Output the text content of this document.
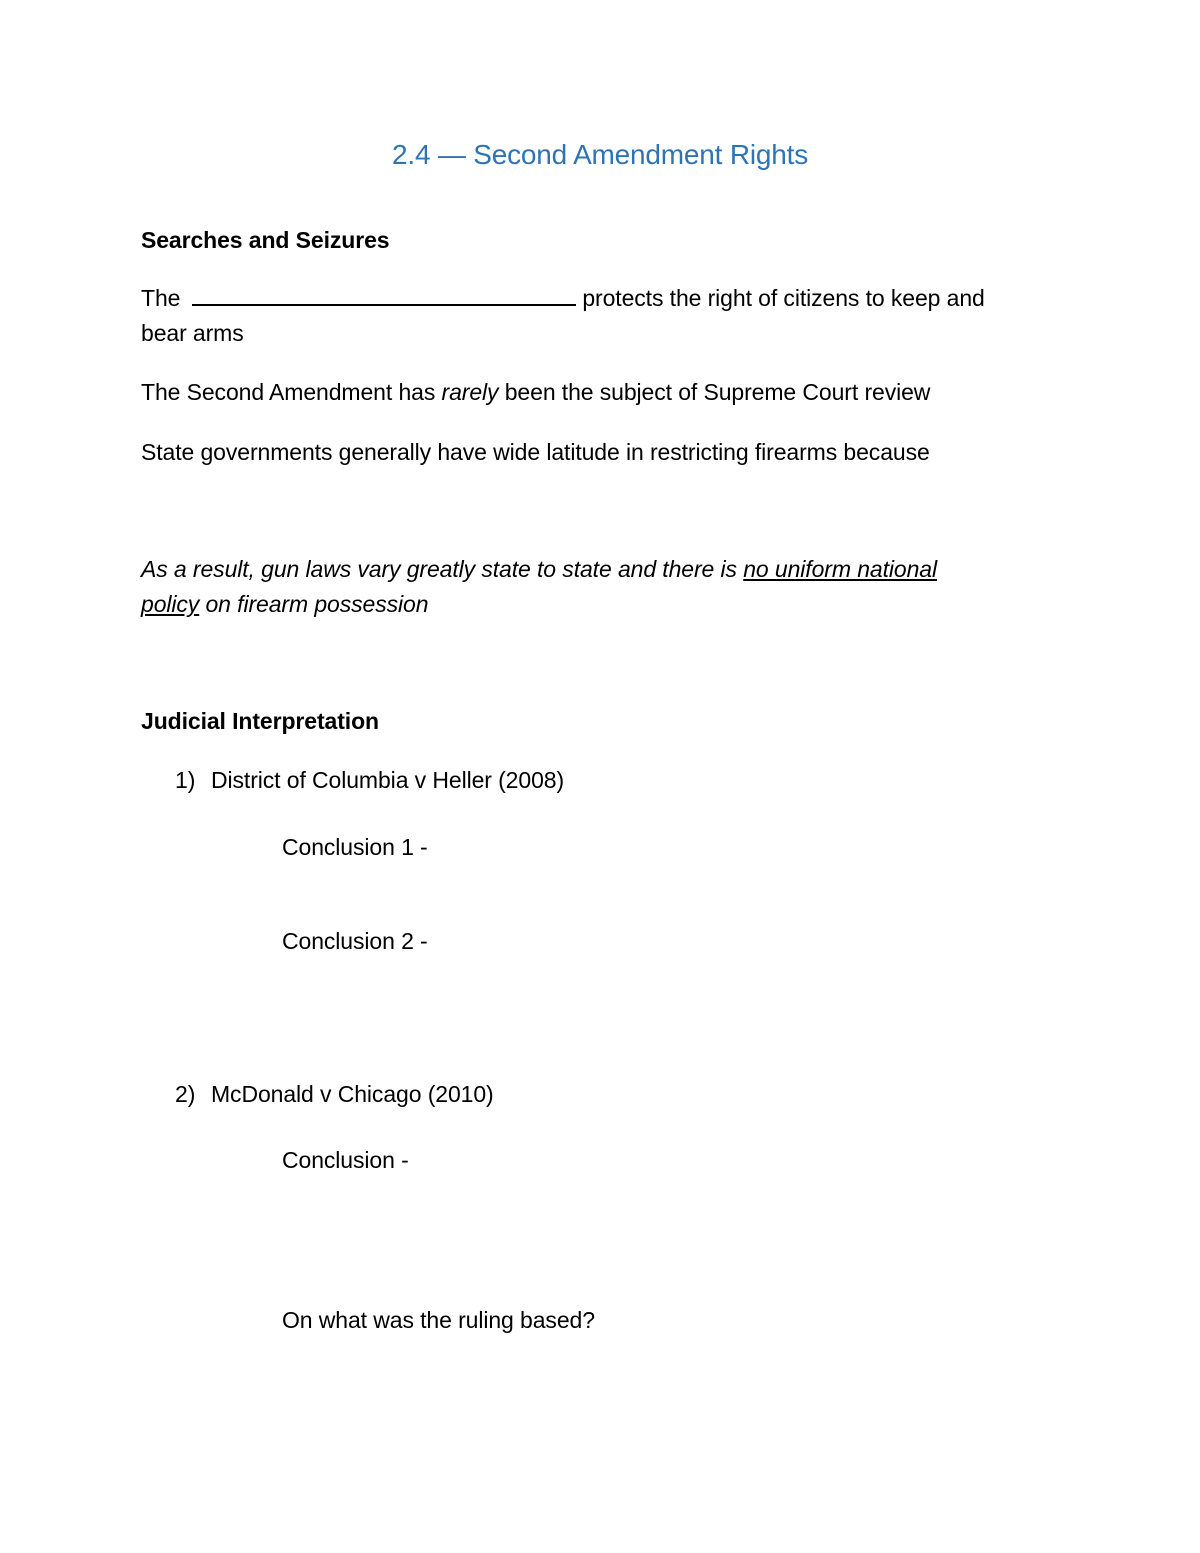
2.4 — Second Amendment Rights
Searches and Seizures
The	protects the right of citizens to keep and
bear arms
The Second Amendment has rarely been the subject of Supreme Court review
State governments generally have wide latitude in restricting firearms because
As a result, gun laws vary greatly state to state and there is no uniform national
policy on firearm possession
Judicial Interpretation
1) District of Columbia v Heller (2008)
Conclusion 1 -
Conclusion 2 -
2) McDonald v Chicago (2010)
Conclusion -
On what was the ruling based?
